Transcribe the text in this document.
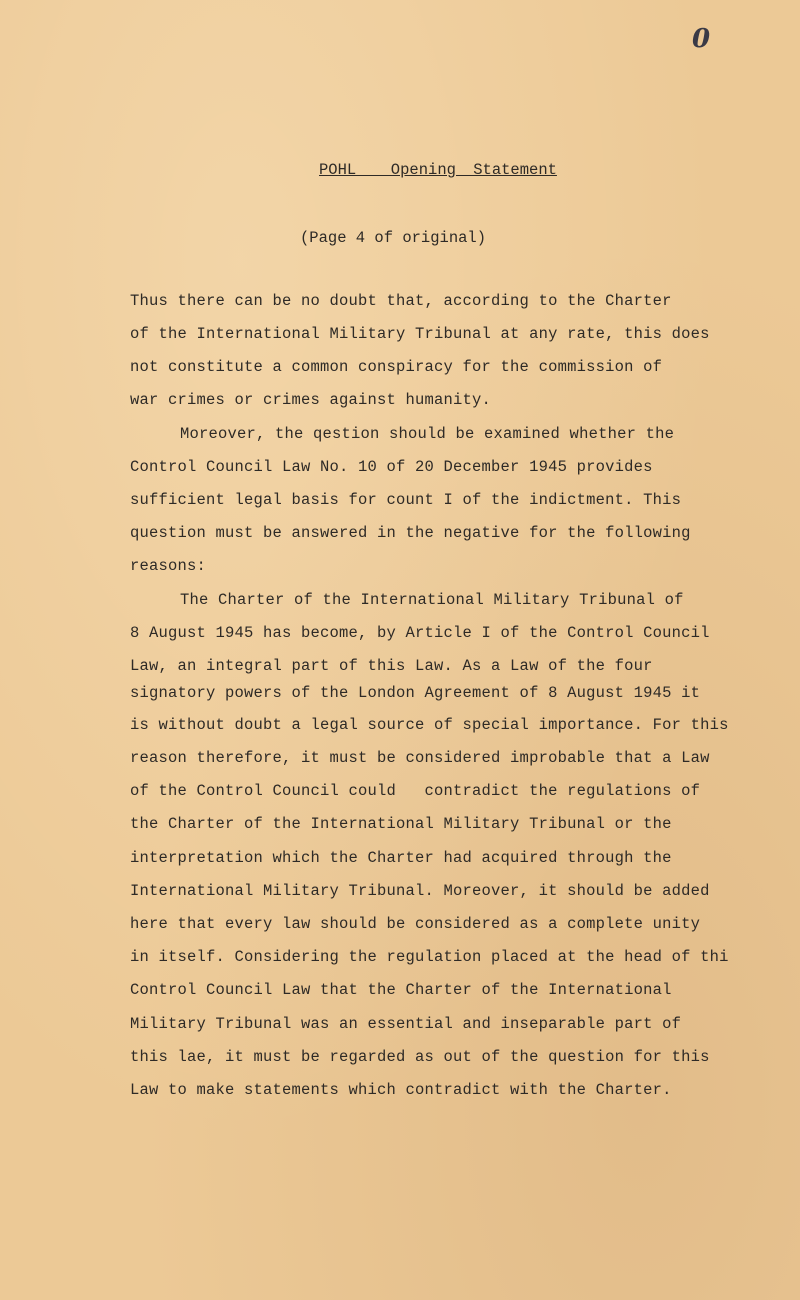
0
POHL  Opening Statement
(Page 4 of original)
Thus there can be no doubt that, according to the Charter
of the International Military Tribunal at any rate, this does
not constitute a common conspiracy for the commission of
war crimes or crimes against humanity.
Moreover, the qestion should be examined whether the
Control Council Law No. 10 of 20 December 1945 provides
sufficient legal basis for count I of the indictment. This
question must be answered in the negative for the following
reasons:
The Charter of the International Military Tribunal of
8 August 1945 has become, by Article I of the Control Council
Law, an integral part of this Law. As a Law of the four
signatory powers of the London Agreement of 8 August 1945 it
is without doubt a legal source of special importance. For this
reason therefore, it must be considered improbable that a Law
of the Control Council could   contradict the regulations of
the Charter of the International Military Tribunal or the
interpretation which the Charter had acquired through the
International Military Tribunal. Moreover, it should be added
here that every law should be considered as a complete unity
in itself. Considering the regulation placed at the head of thi
Control Council Law that the Charter of the International
Military Tribunal was an essential and inseparable part of
this lae, it must be regarded as out of the question for this
Law to make statements which contradict with the Charter.
